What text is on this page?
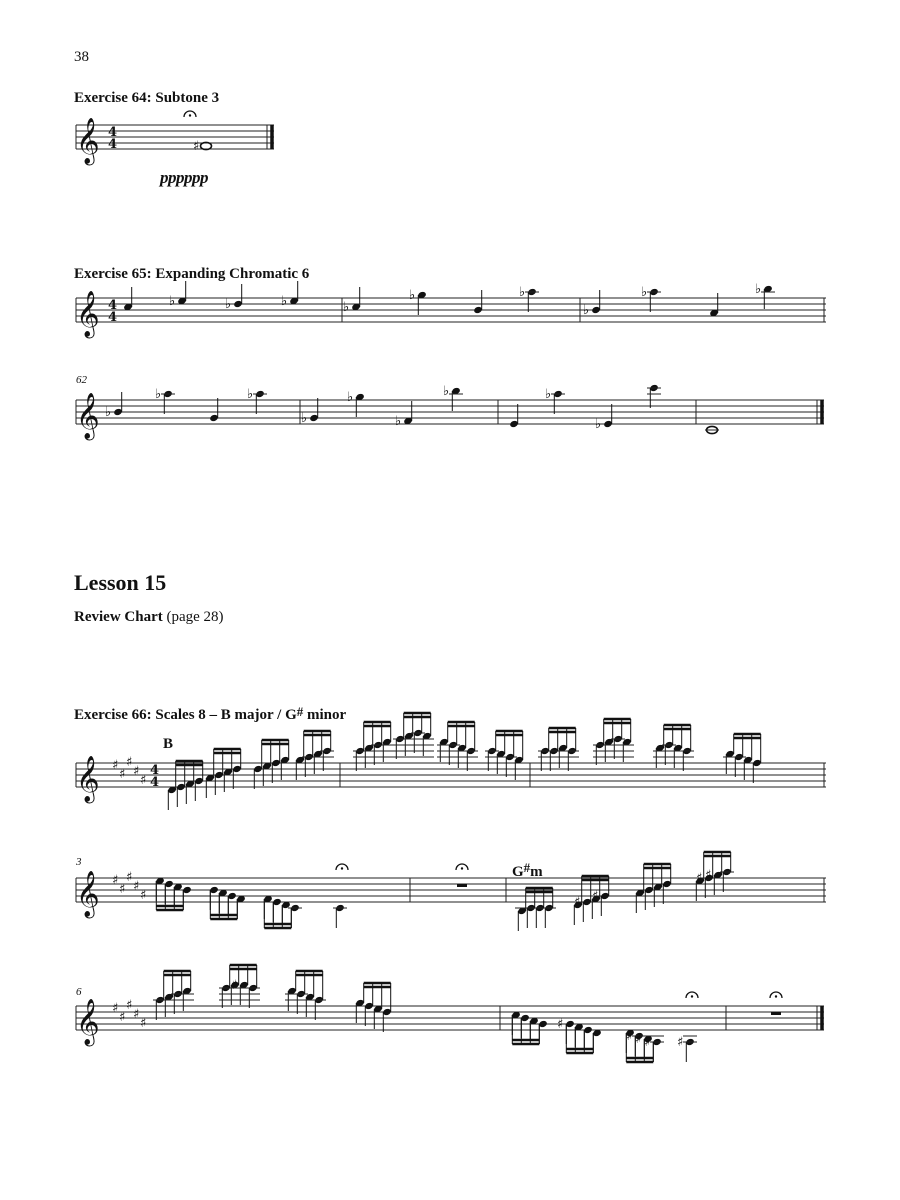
38
Exercise 64: Subtone 3
pppppp
Exercise 65: Expanding Chromatic 6
62
Lesson 15
Review Chart (page 28)
Exercise 66: Scales 8 – B major / G# minor
B
G#m
3
6
𝄞 4
4	♯
𝄞 4
4
♭	♭	♭	♭
♭	♭
♭
♭	♭
𝄞 ♭
♭	♭
♭
♭
♭
♭	♭
♭
𝄞 ♯
♯
♯
♯
♯
4
4
𝄞 ♯
♯
♯
♯
♯	♯ ♯
♯ ♯
𝄞 ♯
♯
♯
♯
♯
♯
♯
♯ ♯ ♯ ♯
